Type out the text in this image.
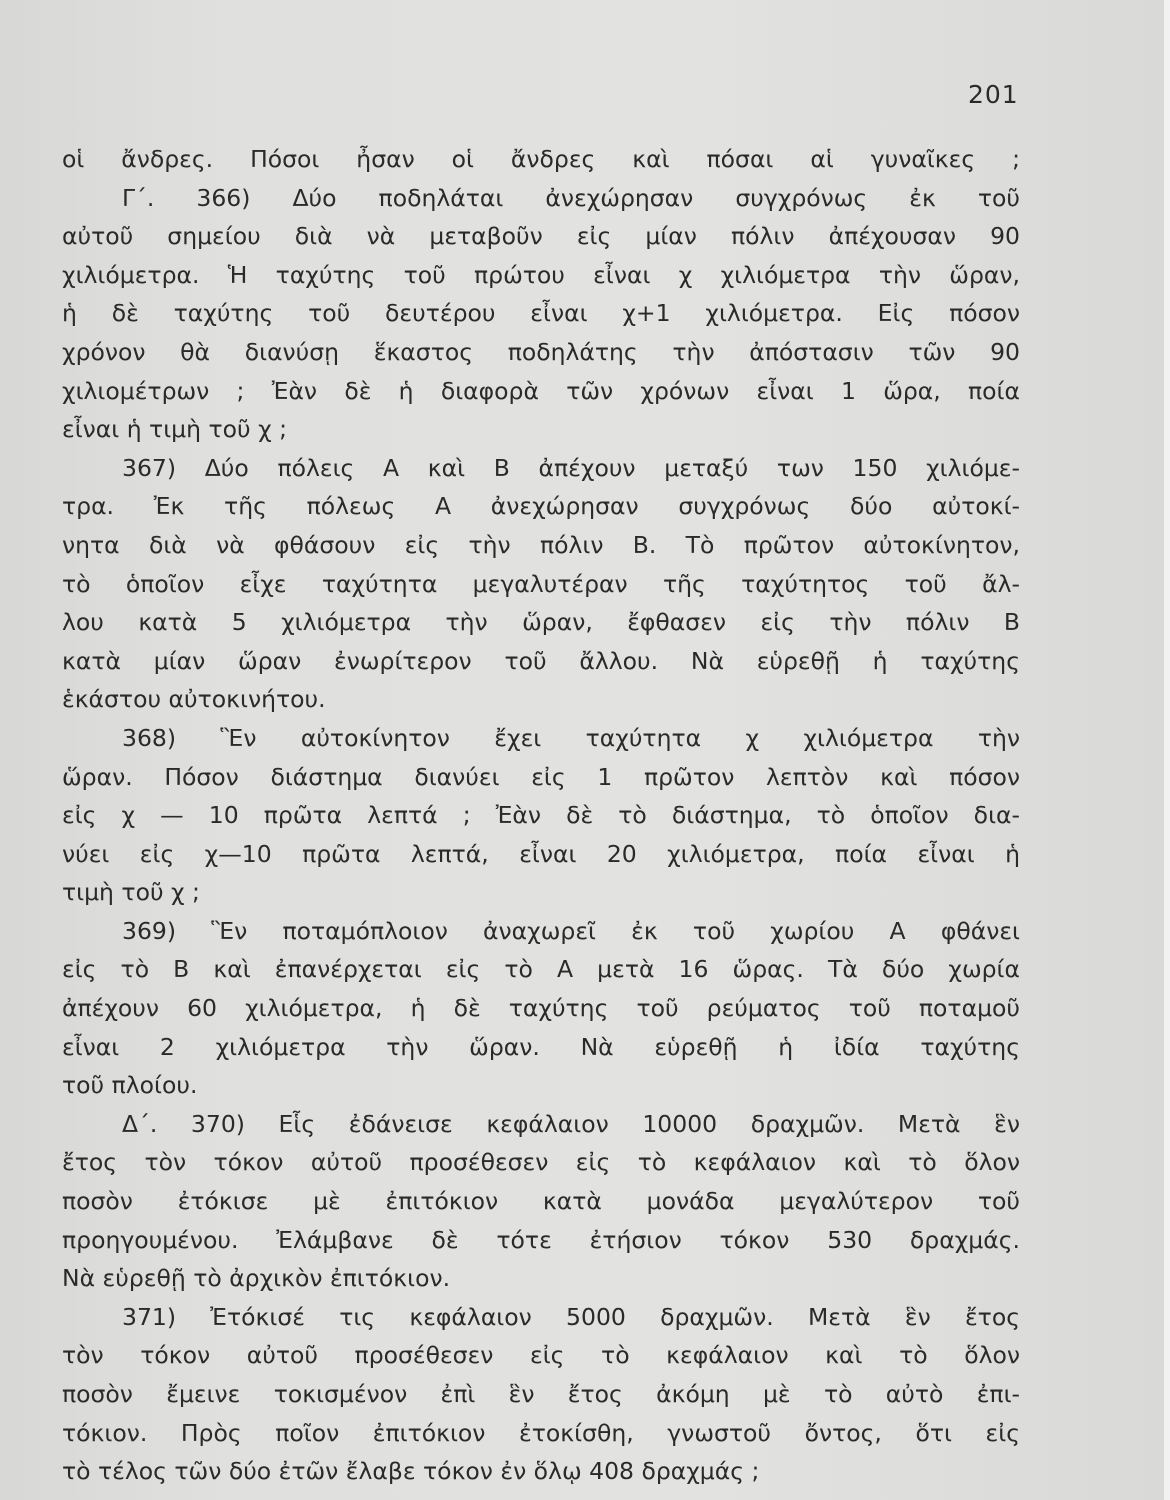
201
οἱ ἄνδρες. Πόσοι ἦσαν οἱ ἄνδρες καὶ πόσαι αἱ γυναῖκες ;
Γ΄. 366) Δύο ποδηλάται ἀνεχώρησαν συγχρόνως ἐκ τοῦ
αὐτοῦ σημείου διὰ νὰ μεταβοῦν εἰς μίαν πόλιν ἀπέχουσαν 90
χιλιόμετρα. Ἡ ταχύτης τοῦ πρώτου εἶναι χ χιλιόμετρα τὴν ὥραν,
ἡ δὲ ταχύτης τοῦ δευτέρου εἶναι χ+1 χιλιόμετρα. Εἰς πόσον
χρόνον θὰ διανύσῃ ἕκαστος ποδηλάτης τὴν ἀπόστασιν τῶν 90
χιλιομέτρων ; Ἐὰν δὲ ἡ διαφορὰ τῶν χρόνων εἶναι 1 ὥρα, ποία
εἶναι ἡ τιμὴ τοῦ χ ;
367) Δύο πόλεις Α καὶ Β ἀπέχουν μεταξύ των 150 χιλιόμε-
τρα. Ἐκ τῆς πόλεως Α ἀνεχώρησαν συγχρόνως δύο αὐτοκί-
νητα διὰ νὰ φθάσουν εἰς τὴν πόλιν Β. Τὸ πρῶτον αὐτοκίνητον,
τὸ ὁποῖον εἶχε ταχύτητα μεγαλυτέραν τῆς ταχύτητος τοῦ ἄλ-
λου κατὰ 5 χιλιόμετρα τὴν ὥραν, ἔφθασεν εἰς τὴν πόλιν Β
κατὰ μίαν ὥραν ἐνωρίτερον τοῦ ἄλλου. Νὰ εὑρεθῇ ἡ ταχύτης
ἑκάστου αὐτοκινήτου.
368) Ἓν αὐτοκίνητον ἔχει ταχύτητα χ χιλιόμετρα τὴν
ὥραν. Πόσον διάστημα διανύει εἰς 1 πρῶτον λεπτὸν καὶ πόσον
εἰς χ — 10 πρῶτα λεπτά ; Ἐὰν δὲ τὸ διάστημα, τὸ ὁποῖον δια-
νύει εἰς χ—10 πρῶτα λεπτά, εἶναι 20 χιλιόμετρα, ποία εἶναι ἡ
τιμὴ τοῦ χ ;
369) Ἓν ποταμόπλοιον ἀναχωρεῖ ἐκ τοῦ χωρίου Α φθάνει
εἰς τὸ Β καὶ ἐπανέρχεται εἰς τὸ Α μετὰ 16 ὥρας. Τὰ δύο χωρία
ἀπέχουν 60 χιλιόμετρα, ἡ δὲ ταχύτης τοῦ ρεύματος τοῦ ποταμοῦ
εἶναι 2 χιλιόμετρα τὴν ὥραν. Νὰ εὑρεθῇ ἡ ἰδία ταχύτης
τοῦ πλοίου.
Δ΄. 370) Εἷς ἐδάνεισε κεφάλαιον 10000 δραχμῶν. Μετὰ ἓν
ἔτος τὸν τόκον αὐτοῦ προσέθεσεν εἰς τὸ κεφάλαιον καὶ τὸ ὅλον
ποσὸν ἐτόκισε μὲ ἐπιτόκιον κατὰ μονάδα μεγαλύτερον τοῦ
προηγουμένου. Ἐλάμβανε δὲ τότε ἐτήσιον τόκον 530 δραχμάς.
Νὰ εὑρεθῇ τὸ ἀρχικὸν ἐπιτόκιον.
371) Ἐτόκισέ τις κεφάλαιον 5000 δραχμῶν. Μετὰ ἓν ἔτος
τὸν τόκον αὐτοῦ προσέθεσεν εἰς τὸ κεφάλαιον καὶ τὸ ὅλον
ποσὸν ἔμεινε τοκισμένον ἐπὶ ἓν ἔτος ἀκόμη μὲ τὸ αὐτὸ ἐπι-
τόκιον. Πρὸς ποῖον ἐπιτόκιον ἐτοκίσθη, γνωστοῦ ὄντος, ὅτι εἰς
τὸ τέλος τῶν δύο ἐτῶν ἔλαβε τόκον ἐν ὅλῳ 408 δραχμάς ;
